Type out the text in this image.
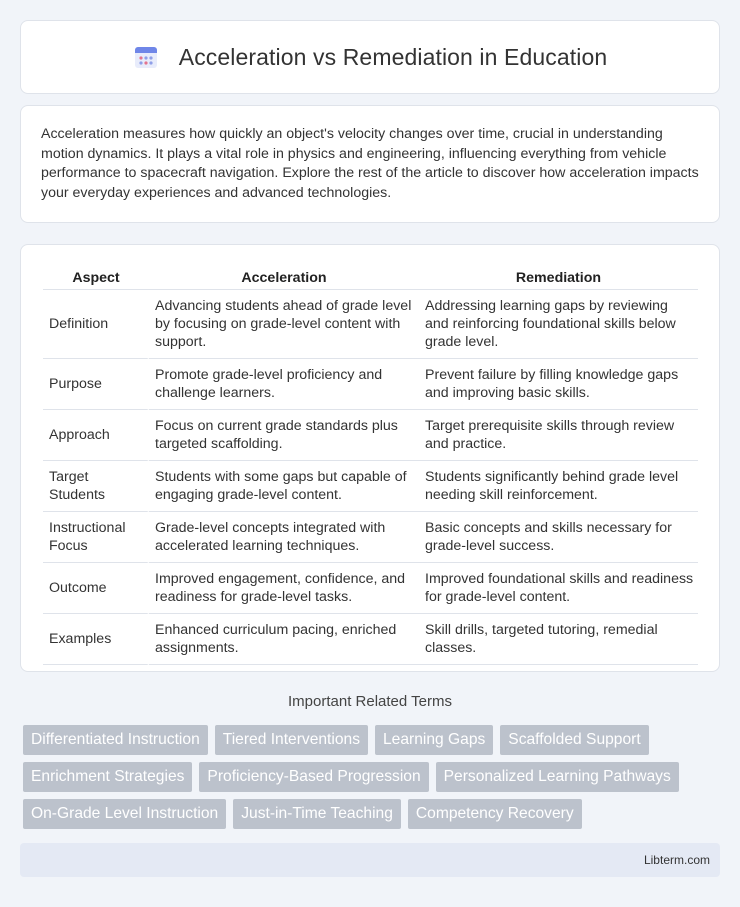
Acceleration vs Remediation in Education

Acceleration measures how quickly an object's velocity changes over time, crucial in understanding motion dynamics. It plays a vital role in physics and engineering, influencing everything from vehicle performance to spacecraft navigation. Explore the rest of the article to discover how acceleration impacts your everyday experiences and advanced technologies.

Aspect	Acceleration	Remediation
Definition	Advancing students ahead of grade level by focusing on grade-level content with support.	Addressing learning gaps by reviewing and reinforcing foundational skills below grade level.
Purpose	Promote grade-level proficiency and challenge learners.	Prevent failure by filling knowledge gaps and improving basic skills.
Approach	Focus on current grade standards plus targeted scaffolding.	Target prerequisite skills through review and practice.
Target Students	Students with some gaps but capable of engaging grade-level content.	Students significantly behind grade level needing skill reinforcement.
Instructional Focus	Grade-level concepts integrated with accelerated learning techniques.	Basic concepts and skills necessary for grade-level success.
Outcome	Improved engagement, confidence, and readiness for grade-level tasks.	Improved foundational skills and readiness for grade-level content.
Examples	Enhanced curriculum pacing, enriched assignments.	Skill drills, targeted tutoring, remedial classes.
Important Related Terms
Differentiated Instruction	Tiered Interventions	Learning Gaps	Scaffolded Support
Enrichment Strategies	Proficiency-Based Progression	Personalized Learning Pathways
On-Grade Level Instruction	Just-in-Time Teaching	Competency Recovery
Libterm.com
